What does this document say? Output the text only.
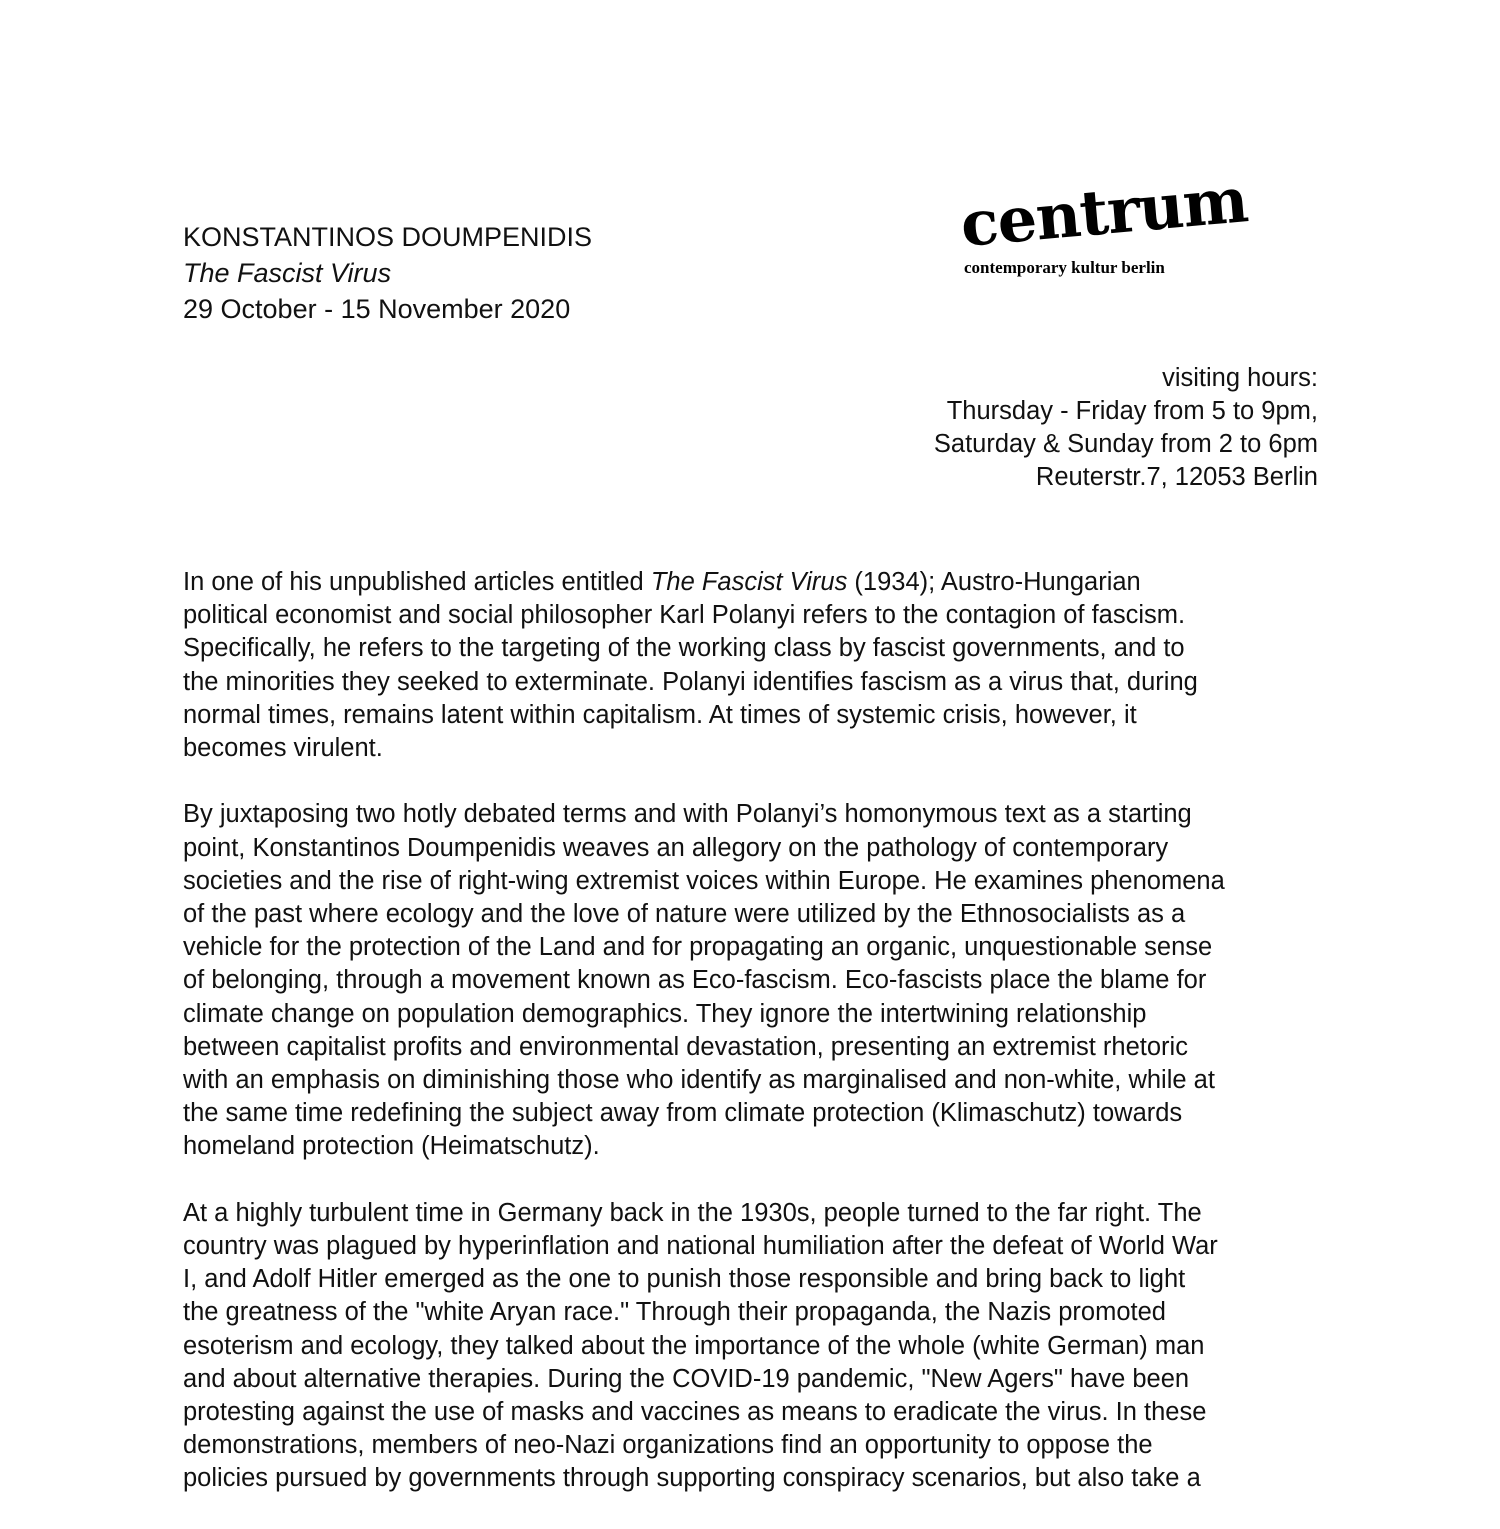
KONSTANTINOS DOUMPENIDIS
The Fascist Virus
29 October - 15 November 2020
centrum
contemporary kultur berlin
visiting hours:
Thursday - Friday from 5 to 9pm,
Saturday & Sunday from 2 to 6pm
Reuterstr.7, 12053 Berlin
In one of his unpublished articles entitled The Fascist Virus (1934); Austro-Hungarian
political economist and social philosopher Karl Polanyi refers to the contagion of fascism.
Specifically, he refers to the targeting of the working class by fascist governments, and to
the minorities they seeked to exterminate. Polanyi identifies fascism as a virus that, during
normal times, remains latent within capitalism. At times of systemic crisis, however, it
becomes virulent.
By juxtaposing two hotly debated terms and with Polanyi’s homonymous text as a starting
point, Konstantinos Doumpenidis weaves an allegory on the pathology of contemporary
societies and the rise of right-wing extremist voices within Europe. He examines phenomena
of the past where ecology and the love of nature were utilized by the Ethnosocialists as a
vehicle for the protection of the Land and for propagating an organic, unquestionable sense
of belonging, through a movement known as Eco-fascism. Eco-fascists place the blame for
climate change on population demographics. They ignore the intertwining relationship
between capitalist profits and environmental devastation, presenting an extremist rhetoric
with an emphasis on diminishing those who identify as marginalised and non-white, while at
the same time redefining the subject away from climate protection (Klimaschutz) towards
homeland protection (Heimatschutz).
At a highly turbulent time in Germany back in the 1930s, people turned to the far right. The
country was plagued by hyperinflation and national humiliation after the defeat of World War
I, and Adolf Hitler emerged as the one to punish those responsible and bring back to light
the greatness of the "white Aryan race." Through their propaganda, the Nazis promoted
esoterism and ecology, they talked about the importance of the whole (white German) man
and about alternative therapies. During the COVID-19 pandemic, "New Agers" have been
protesting against the use of masks and vaccines as means to eradicate the virus. In these
demonstrations, members of neo-Nazi organizations find an opportunity to oppose the
policies pursued by governments through supporting conspiracy scenarios, but also take a
